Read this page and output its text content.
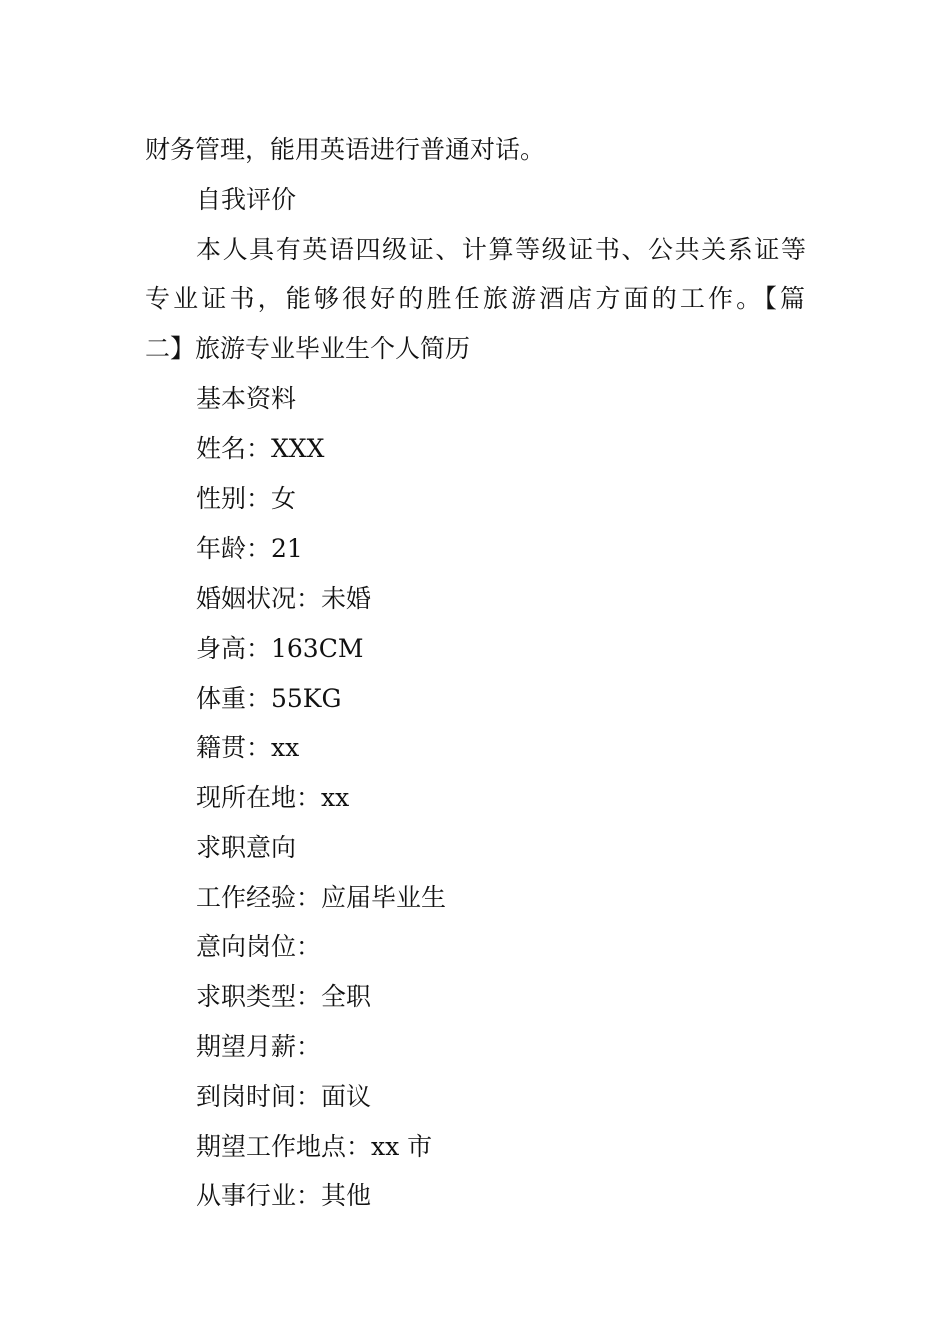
财务管理，能用英语进行普通对话。
自我评价
本人具有英语四级证、计算等级证书、公共关系证等
专业证书，能够很好的胜任旅游酒店方面的工作。【篇
二】旅游专业毕业生个人简历
基本资料
姓名：XXX
性别：女
年龄：21
婚姻状况：未婚
身高：163CM
体重：55KG
籍贯：xx
现所在地：xx
求职意向
工作经验：应届毕业生
意向岗位：
求职类型：全职
期望月薪：
到岗时间：面议
期望工作地点：xx 市
从事行业：其他
